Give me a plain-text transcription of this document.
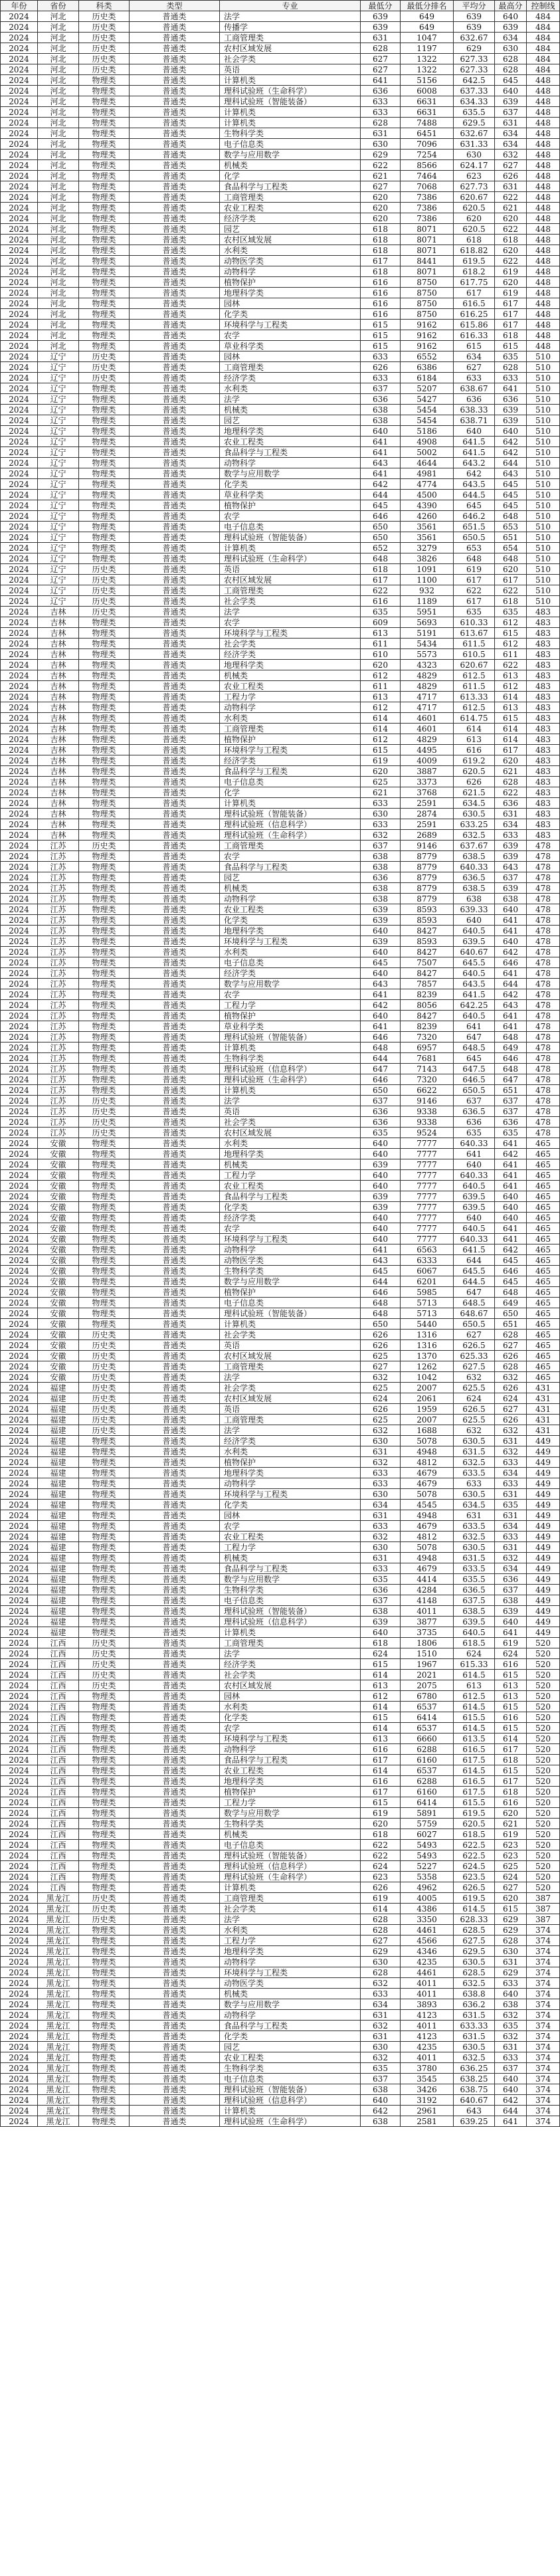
年份	省份	科类	类型	专业	最低分	最低分排名	平均分	最高分	控制线
2024	河北	历史类	普通类	法学	639	649	639	640	484
2024	河北	历史类	普通类	传播学	639	649	639	639	484
2024	河北	历史类	普通类	工商管理类	631	1047	632.67	634	484
2024	河北	历史类	普通类	农村区域发展	628	1197	629	630	484
2024	河北	历史类	普通类	社会学类	627	1322	627.33	628	484
2024	河北	历史类	普通类	英语	627	1322	627.33	628	484
2024	河北	物理类	普通类	计算机类	641	5156	642.5	645	448
2024	河北	物理类	普通类	理科试验班（生命科学）	636	6008	637.33	640	448
2024	河北	物理类	普通类	理科试验班（智能装备）	633	6631	634.33	639	448
2024	河北	物理类	普通类	计算机类	633	6631	635.5	637	448
2024	河北	物理类	普通类	计算机类	628	7488	629.5	631	448
2024	河北	物理类	普通类	生物科学类	631	6451	632.67	634	448
2024	河北	物理类	普通类	电子信息类	630	7096	631.33	634	448
2024	河北	物理类	普通类	数学与应用数学	629	7254	630	632	448
2024	河北	物理类	普通类	机械类	622	8566	624.17	627	448
2024	河北	物理类	普通类	化学	621	7464	623	626	448
2024	河北	物理类	普通类	食品科学与工程类	627	7068	627.73	631	448
2024	河北	物理类	普通类	工商管理类	620	7386	620.67	622	448
2024	河北	物理类	普通类	农业工程类	620	7386	620.5	621	448
2024	河北	物理类	普通类	经济学类	620	7386	620	620	448
2024	河北	物理类	普通类	园艺	618	8071	620.5	622	448
2024	河北	物理类	普通类	农村区域发展	618	8071	618	618	448
2024	河北	物理类	普通类	水利类	618	8071	618.82	620	448
2024	河北	物理类	普通类	动物医学类	617	8441	619.5	622	448
2024	河北	物理类	普通类	动物科学	618	8071	618.2	619	448
2024	河北	物理类	普通类	植物保护	616	8750	617.75	620	448
2024	河北	物理类	普通类	地理科学类	616	8750	617	619	448
2024	河北	物理类	普通类	园林	616	8750	616.5	617	448
2024	河北	物理类	普通类	化学类	616	8750	616.25	617	448
2024	河北	物理类	普通类	环境科学与工程类	615	9162	615.86	617	448
2024	河北	物理类	普通类	农学	615	9162	616.33	618	448
2024	河北	物理类	普通类	草业科学类	615	9162	615	615	448
2024	辽宁	历史类	普通类	园林	633	6552	634	635	510
2024	辽宁	历史类	普通类	工商管理类	626	6386	627	628	510
2024	辽宁	历史类	普通类	经济学类	633	6184	633	633	510
2024	辽宁	物理类	普通类	水利类	637	5207	638.67	641	510
2024	辽宁	物理类	普通类	法学	636	5427	636	636	510
2024	辽宁	物理类	普通类	机械类	638	5454	638.33	639	510
2024	辽宁	物理类	普通类	园艺	638	5454	638.71	639	510
2024	辽宁	物理类	普通类	地理科学类	640	5186	640	640	510
2024	辽宁	物理类	普通类	农业工程类	641	4908	641.5	642	510
2024	辽宁	物理类	普通类	食品科学与工程类	641	5002	641.5	642	510
2024	辽宁	物理类	普通类	动物科学	643	4644	643.2	644	510
2024	辽宁	物理类	普通类	数学与应用数学	641	4981	642	643	510
2024	辽宁	物理类	普通类	化学类	642	4774	643.5	645	510
2024	辽宁	物理类	普通类	草业科学类	644	4500	644.5	645	510
2024	辽宁	物理类	普通类	植物保护	645	4390	645	645	510
2024	辽宁	物理类	普通类	农学	646	4260	646.2	648	510
2024	辽宁	物理类	普通类	电子信息类	650	3561	651.5	653	510
2024	辽宁	物理类	普通类	理科试验班（智能装备）	650	3561	650.5	651	510
2024	辽宁	物理类	普通类	计算机类	652	3279	653	654	510
2024	辽宁	物理类	普通类	理科试验班（生命科学）	648	3826	648	648	510
2024	辽宁	历史类	普通类	英语	618	1091	619	620	510
2024	辽宁	历史类	普通类	农村区域发展	617	1100	617	617	510
2024	辽宁	历史类	普通类	工商管理类	622	932	622	622	510
2024	辽宁	历史类	普通类	社会学类	616	1189	617	618	510
2024	吉林	历史类	普通类	法学	635	5951	635	635	483
2024	吉林	物理类	普通类	农学	609	5693	610.33	612	483
2024	吉林	物理类	普通类	环境科学与工程类	613	5191	613.67	615	483
2024	吉林	物理类	普通类	社会学类	611	5434	611.5	612	483
2024	吉林	物理类	普通类	经济学类	610	5573	610.5	611	483
2024	吉林	物理类	普通类	地理科学类	620	4323	620.67	622	483
2024	吉林	物理类	普通类	机械类	612	4829	612.5	613	483
2024	吉林	物理类	普通类	农业工程类	611	4829	611.5	612	483
2024	吉林	物理类	普通类	工程力学	613	4717	613.33	614	483
2024	吉林	物理类	普通类	动物科学	612	4717	612.5	613	483
2024	吉林	物理类	普通类	水利类	614	4601	614.75	615	483
2024	吉林	物理类	普通类	工商管理类	614	4601	614	614	483
2024	吉林	物理类	普通类	植物保护	612	4829	613	614	483
2024	吉林	物理类	普通类	环境科学与工程类	615	4495	616	617	483
2024	吉林	物理类	普通类	经济学类	619	4009	619.2	620	483
2024	吉林	物理类	普通类	食品科学与工程类	620	3887	620.5	621	483
2024	吉林	物理类	普通类	电子信息类	625	3373	626	628	483
2024	吉林	物理类	普通类	化学	621	3768	621.5	622	483
2024	吉林	物理类	普通类	计算机类	633	2591	634.5	636	483
2024	吉林	物理类	普通类	理科试验班（智能装备）	630	2874	630.5	631	483
2024	吉林	物理类	普通类	理科试验班（信息科学）	633	2591	633.25	634	483
2024	吉林	物理类	普通类	理科试验班（生命科学）	632	2689	632.5	633	483
2024	江苏	历史类	普通类	工商管理类	637	9146	637.67	639	478
2024	江苏	物理类	普通类	农学	638	8779	638.5	639	478
2024	江苏	物理类	普通类	食品科学与工程类	638	8779	640.33	643	478
2024	江苏	物理类	普通类	园艺	636	8779	636.5	637	478
2024	江苏	物理类	普通类	机械类	638	8779	638.5	639	478
2024	江苏	物理类	普通类	动物科学	638	8779	638	638	478
2024	江苏	物理类	普通类	农业工程类	639	8593	639.33	640	478
2024	江苏	物理类	普通类	化学类	639	8593	640	641	478
2024	江苏	物理类	普通类	地理科学类	640	8427	640.5	641	478
2024	江苏	物理类	普通类	环境科学与工程类	639	8593	639.5	640	478
2024	江苏	物理类	普通类	水利类	640	8427	640.67	642	478
2024	江苏	物理类	普通类	电子信息类	645	7507	645.5	646	478
2024	江苏	物理类	普通类	经济学类	640	8427	640.5	641	478
2024	江苏	物理类	普通类	数学与应用数学	643	7857	643.5	644	478
2024	江苏	物理类	普通类	农学	641	8239	641.5	642	478
2024	江苏	物理类	普通类	工程力学	642	8056	642.25	643	478
2024	江苏	物理类	普通类	植物保护	640	8427	640.5	641	478
2024	江苏	物理类	普通类	草业科学类	641	8239	641	641	478
2024	江苏	物理类	普通类	理科试验班（智能装备）	646	7320	647	648	478
2024	江苏	物理类	普通类	计算机类	648	6957	648.5	649	478
2024	江苏	物理类	普通类	生物科学类	644	7681	645	646	478
2024	江苏	物理类	普通类	理科试验班（信息科学）	647	7143	647.5	648	478
2024	江苏	物理类	普通类	理科试验班（生命科学）	646	7320	646.5	647	478
2024	江苏	物理类	普通类	计算机类	650	6622	650.5	651	478
2024	江苏	历史类	普通类	法学	637	9146	637	637	478
2024	江苏	历史类	普通类	英语	636	9338	636.5	637	478
2024	江苏	历史类	普通类	社会学类	636	9338	636	636	478
2024	江苏	历史类	普通类	农村区域发展	635	9524	635	635	478
2024	安徽	物理类	普通类	水利类	640	7777	640.33	641	465
2024	安徽	物理类	普通类	地理科学类	640	7777	641	642	465
2024	安徽	物理类	普通类	机械类	639	7777	640	641	465
2024	安徽	物理类	普通类	工程力学	640	7777	640.33	641	465
2024	安徽	物理类	普通类	农业工程类	640	7777	640.5	641	465
2024	安徽	物理类	普通类	食品科学与工程类	639	7777	639.5	640	465
2024	安徽	物理类	普通类	化学类	639	7777	639.5	640	465
2024	安徽	物理类	普通类	经济学类	640	7777	640	640	465
2024	安徽	物理类	普通类	农学	640	7777	640.5	641	465
2024	安徽	物理类	普通类	环境科学与工程类	640	7777	640.33	641	465
2024	安徽	物理类	普通类	动物科学	641	6563	641.5	642	465
2024	安徽	物理类	普通类	动物医学类	643	6333	644	645	465
2024	安徽	物理类	普通类	生物科学类	645	6067	645.5	646	465
2024	安徽	物理类	普通类	数学与应用数学	644	6201	644.5	645	465
2024	安徽	物理类	普通类	植物保护	646	5985	647	648	465
2024	安徽	物理类	普通类	电子信息类	648	5713	648.5	649	465
2024	安徽	物理类	普通类	理科试验班（智能装备）	648	5713	648.67	650	465
2024	安徽	物理类	普通类	计算机类	650	5440	650.5	651	465
2024	安徽	历史类	普通类	社会学类	626	1316	627	628	465
2024	安徽	历史类	普通类	英语	626	1316	626.5	627	465
2024	安徽	历史类	普通类	农村区域发展	625	1370	625.33	626	465
2024	安徽	历史类	普通类	工商管理类	627	1262	627.5	628	465
2024	安徽	历史类	普通类	法学	632	1042	632	632	465
2024	福建	历史类	普通类	社会学类	625	2007	625.5	626	431
2024	福建	历史类	普通类	农村区域发展	624	2061	624	624	431
2024	福建	历史类	普通类	英语	626	1959	626.5	627	431
2024	福建	历史类	普通类	工商管理类	625	2007	625.5	626	431
2024	福建	历史类	普通类	法学	632	1688	632	632	431
2024	福建	物理类	普通类	经济学类	630	5078	630.5	631	449
2024	福建	物理类	普通类	水利类	631	4948	631.5	632	449
2024	福建	物理类	普通类	植物保护	632	4812	632.5	633	449
2024	福建	物理类	普通类	地理科学类	633	4679	633.5	634	449
2024	福建	物理类	普通类	动物科学	633	4679	633	633	449
2024	福建	物理类	普通类	环境科学与工程类	630	5078	630.5	631	449
2024	福建	物理类	普通类	化学类	634	4545	634.5	635	449
2024	福建	物理类	普通类	园林	631	4948	631	631	449
2024	福建	物理类	普通类	农学	633	4679	633.5	634	449
2024	福建	物理类	普通类	农业工程类	632	4812	632.5	633	449
2024	福建	物理类	普通类	工程力学	630	5078	630.5	631	449
2024	福建	物理类	普通类	机械类	631	4948	631.5	632	449
2024	福建	物理类	普通类	食品科学与工程类	633	4679	633.5	634	449
2024	福建	物理类	普通类	数学与应用数学	635	4414	635.5	636	449
2024	福建	物理类	普通类	生物科学类	636	4284	636.5	637	449
2024	福建	物理类	普通类	电子信息类	637	4148	637.5	638	449
2024	福建	物理类	普通类	理科试验班（智能装备）	638	4011	638.5	639	449
2024	福建	物理类	普通类	理科试验班（信息科学）	639	3877	639.5	640	449
2024	福建	物理类	普通类	计算机类	640	3735	640.5	641	449
2024	江西	历史类	普通类	工商管理类	618	1806	618.5	619	520
2024	江西	历史类	普通类	法学	624	1510	624	624	520
2024	江西	历史类	普通类	经济学类	615	1967	615.33	616	520
2024	江西	历史类	普通类	社会学类	614	2021	614.5	615	520
2024	江西	历史类	普通类	农村区域发展	613	2075	613	613	520
2024	江西	物理类	普通类	园林	612	6780	612.5	613	520
2024	江西	物理类	普通类	水利类	614	6537	614.5	615	520
2024	江西	物理类	普通类	化学类	615	6414	615.5	616	520
2024	江西	物理类	普通类	农学	614	6537	614.5	615	520
2024	江西	物理类	普通类	环境科学与工程类	613	6660	613.5	614	520
2024	江西	物理类	普通类	动物科学	616	6288	616.5	617	520
2024	江西	物理类	普通类	食品科学与工程类	617	6160	617.5	618	520
2024	江西	物理类	普通类	农业工程类	614	6537	614.5	615	520
2024	江西	物理类	普通类	地理科学类	616	6288	616.5	617	520
2024	江西	物理类	普通类	植物保护	617	6160	617.5	618	520
2024	江西	物理类	普通类	工程力学	615	6414	615.5	616	520
2024	江西	物理类	普通类	数学与应用数学	619	5891	619.5	620	520
2024	江西	物理类	普通类	生物科学类	620	5759	620.5	621	520
2024	江西	物理类	普通类	机械类	618	6027	618.5	619	520
2024	江西	物理类	普通类	电子信息类	622	5493	622.5	623	520
2024	江西	物理类	普通类	理科试验班（智能装备）	622	5493	622.5	623	520
2024	江西	物理类	普通类	理科试验班（信息科学）	624	5227	624.5	625	520
2024	江西	物理类	普通类	理科试验班（生命科学）	623	5358	623.5	624	520
2024	江西	物理类	普通类	计算机类	626	4962	626.5	627	520
2024	黑龙江	历史类	普通类	工商管理类	619	4005	619.5	620	387
2024	黑龙江	历史类	普通类	社会学类	614	4386	614.5	615	387
2024	黑龙江	历史类	普通类	法学	628	3350	628.33	629	387
2024	黑龙江	物理类	普通类	水利类	628	4461	628.5	629	374
2024	黑龙江	物理类	普通类	工程力学	627	4566	627.5	628	374
2024	黑龙江	物理类	普通类	地理科学类	629	4346	629.5	630	374
2024	黑龙江	物理类	普通类	动物科学	630	4235	630.5	631	374
2024	黑龙江	物理类	普通类	环境科学与工程类	628	4461	628.5	629	374
2024	黑龙江	物理类	普通类	动物医学类	632	4011	632.5	633	374
2024	黑龙江	物理类	普通类	机械类	633	4011	638.8	640	374
2024	黑龙江	物理类	普通类	数学与应用数学	634	3893	636.2	638	374
2024	黑龙江	物理类	普通类	动物科学	631	4123	631.5	632	374
2024	黑龙江	物理类	普通类	食品科学与工程类	632	4011	633.33	635	374
2024	黑龙江	物理类	普通类	化学类	631	4123	631.5	632	374
2024	黑龙江	物理类	普通类	园艺	630	4235	630.5	631	374
2024	黑龙江	物理类	普通类	农业工程类	632	4011	632.5	633	374
2024	黑龙江	物理类	普通类	生物科学类	635	3780	636.25	637	374
2024	黑龙江	物理类	普通类	电子信息类	637	3545	638.25	640	374
2024	黑龙江	物理类	普通类	理科试验班（智能装备）	638	3426	638.75	640	374
2024	黑龙江	物理类	普通类	理科试验班（信息科学）	640	3192	640.67	642	374
2024	黑龙江	物理类	普通类	计算机类	642	2961	643	644	374
2024	黑龙江	物理类	普通类	理科试验班（生命科学）	638	2581	639.25	641	374
